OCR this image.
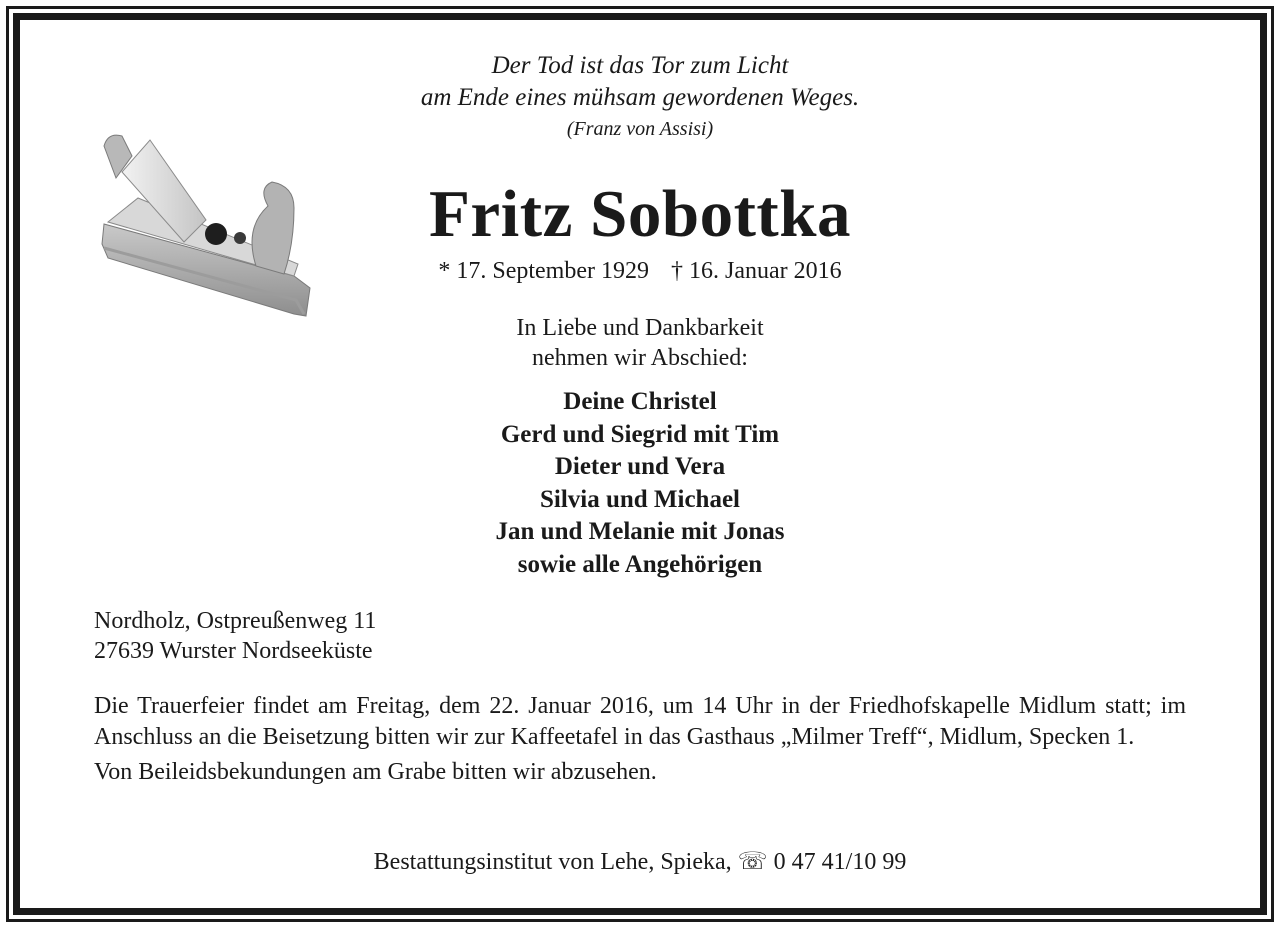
Der Tod ist das Tor zum Licht
am Ende eines mühsam gewordenen Weges.
(Franz von Assisi)
Fritz Sobottka
* 17. September 1929 † 16. Januar 2016
In Liebe und Dankbarkeit
nehmen wir Abschied:
Deine Christel
Gerd und Siegrid mit Tim
Dieter und Vera
Silvia und Michael
Jan und Melanie mit Jonas
sowie alle Angehörigen
Nordholz, Ostpreußenweg 11
27639 Wurster Nordseeküste

Die Trauerfeier findet am Freitag, dem 22. Januar 2016, um 14 Uhr in der Friedhofskapelle Midlum statt; im Anschluss an die Beisetzung bitten wir zur Kaffeetafel in das Gasthaus „Milmer Treff“, Midlum, Specken 1.

Von Beileidsbekundungen am Grabe bitten wir abzusehen.

Bestattungsinstitut von Lehe, Spieka, ☏ 0 47 41/10 99
